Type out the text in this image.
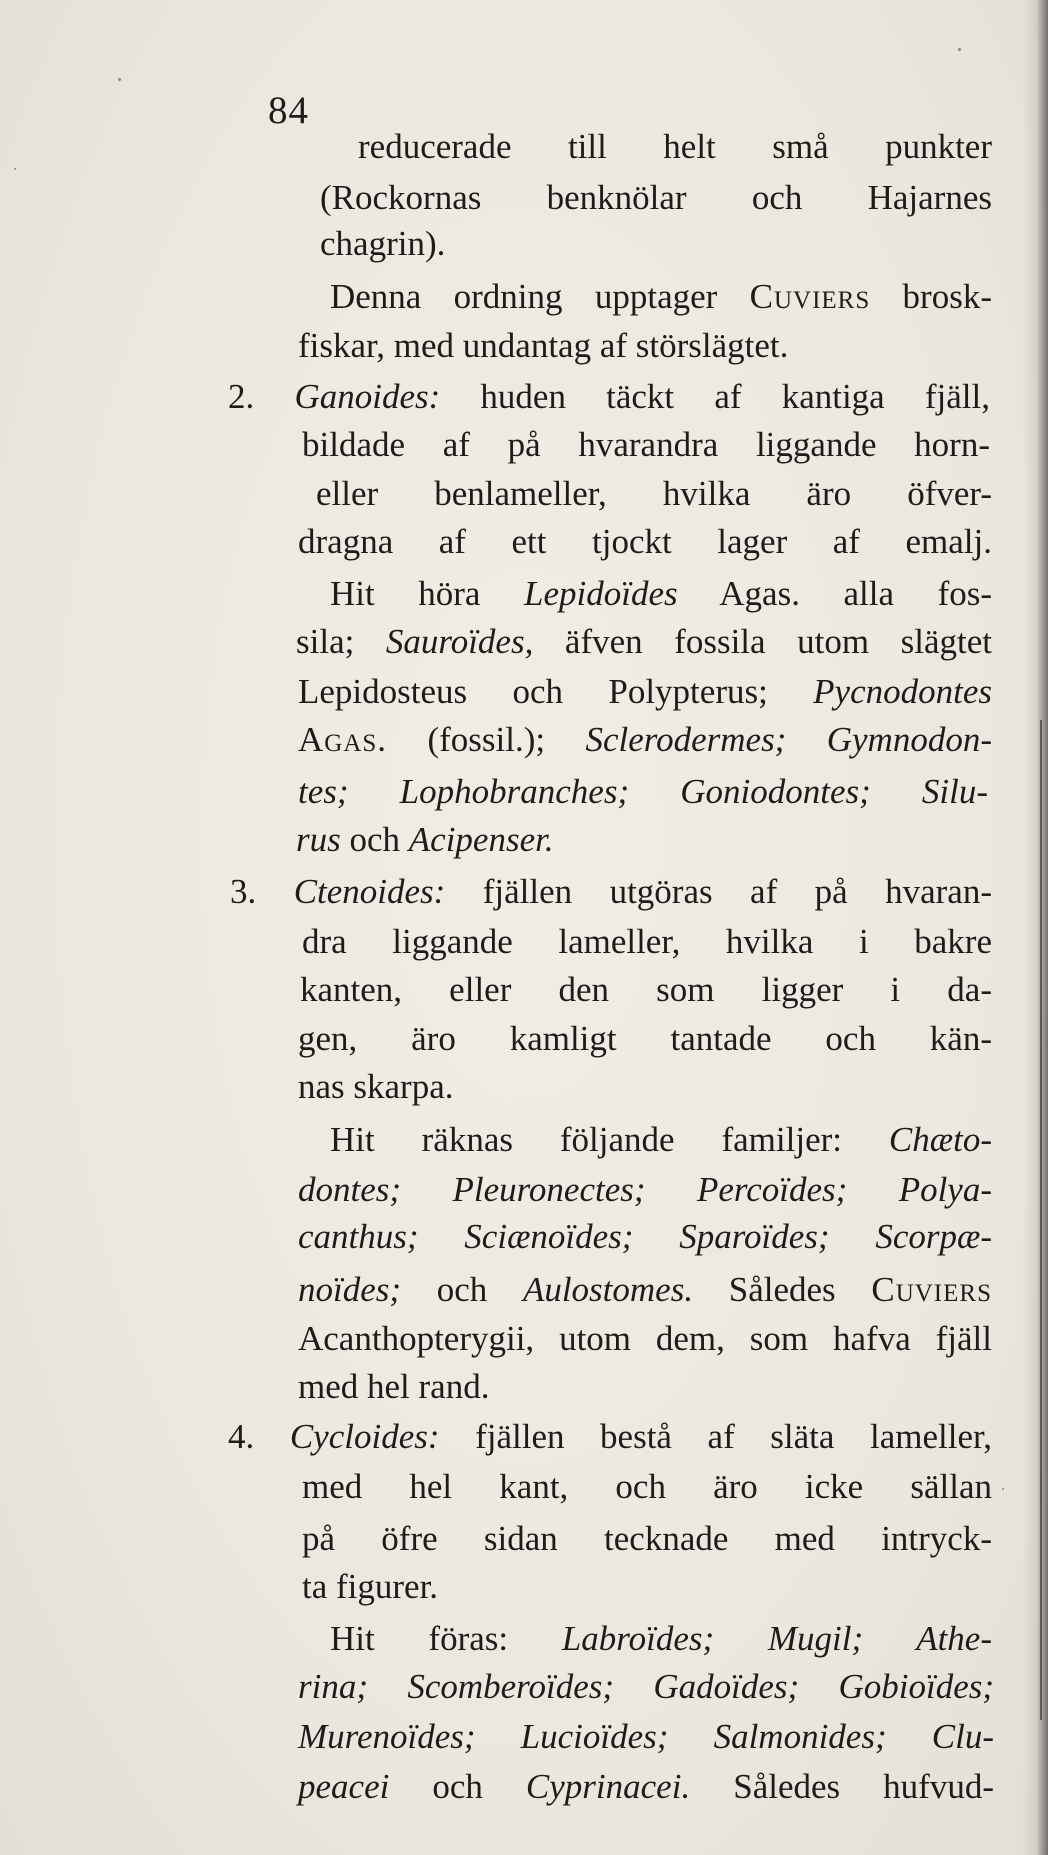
84
reducerade till helt små punkter
(Rockornas benknölar och Hajarnes
chagrin).
Denna ordning upptager Cuviers brosk-
fiskar, med undantag af störslägtet.
2. Ganoides: huden täckt af kantiga fjäll,
bildade af på hvarandra liggande horn-
eller benlameller, hvilka äro öfver-
dragna af ett tjockt lager af emalj.
Hit höra Lepidoïdes Agas. alla fos-
sila; Sauroïdes, äfven fossila utom slägtet
Lepidosteus och Polypterus; Pycnodontes
Agas. (fossil.); Sclerodermes; Gymnodon-
tes; Lophobranches; Goniodontes; Silu-
rus och Acipenser.
3. Ctenoides: fjällen utgöras af på hvaran-
dra liggande lameller, hvilka i bakre
kanten, eller den som ligger i da-
gen, äro kamligt tantade och kän-
nas skarpa.
Hit räknas följande familjer: Chæto-
dontes; Pleuronectes; Percoïdes; Polya-
canthus; Sciænoïdes; Sparoïdes; Scorpæ-
noïdes; och Aulostomes. Således Cuviers
Acanthopterygii, utom dem, som hafva fjäll
med hel rand.
4. Cycloides: fjällen bestå af släta lameller,
med hel kant, och äro icke sällan
på öfre sidan tecknade med intryck-
ta figurer.
Hit föras: Labroïdes; Mugil; Athe-
rina; Scomberoïdes; Gadoïdes; Gobioïdes;
Murenoïdes; Lucioïdes; Salmonides; Clu-
peacei och Cyprinacei. Således hufvud-
